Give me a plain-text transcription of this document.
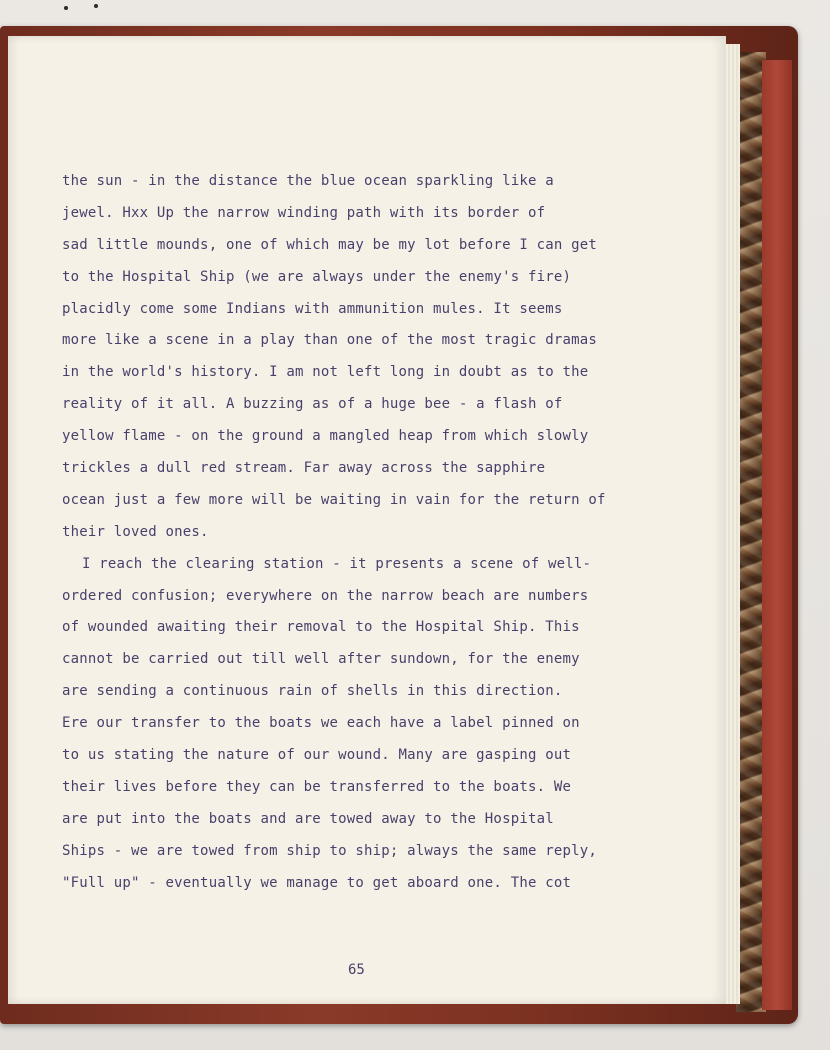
the sun - in the distance the blue ocean sparkling like a
jewel. Hxx Up the narrow winding path with its border of
sad little mounds, one of which may be my lot before I can get
to the Hospital Ship (we are always under the enemy's fire)
placidly come some Indians with ammunition mules. It seems
more like a scene in a play than one of the most tragic dramas
in the world's history. I am not left long in doubt as to the
reality of it all. A buzzing as of a huge bee - a flash of
yellow flame - on the ground a mangled heap from which slowly
trickles a dull red stream. Far away across the sapphire
ocean just a few more will be waiting in vain for the return of
their loved ones.
I reach the clearing station - it presents a scene of well-
ordered confusion; everywhere on the narrow beach are numbers
of wounded awaiting their removal to the Hospital Ship. This
cannot be carried out till well after sundown, for the enemy
are sending a continuous rain of shells in this direction.
Ere our transfer to the boats we each have a label pinned on
to us stating the nature of our wound. Many are gasping out
their lives before they can be transferred to the boats. We
are put into the boats and are towed away to the Hospital
Ships - we are towed from ship to ship; always the same reply,
"Full up" - eventually we manage to get aboard one. The cot
65
